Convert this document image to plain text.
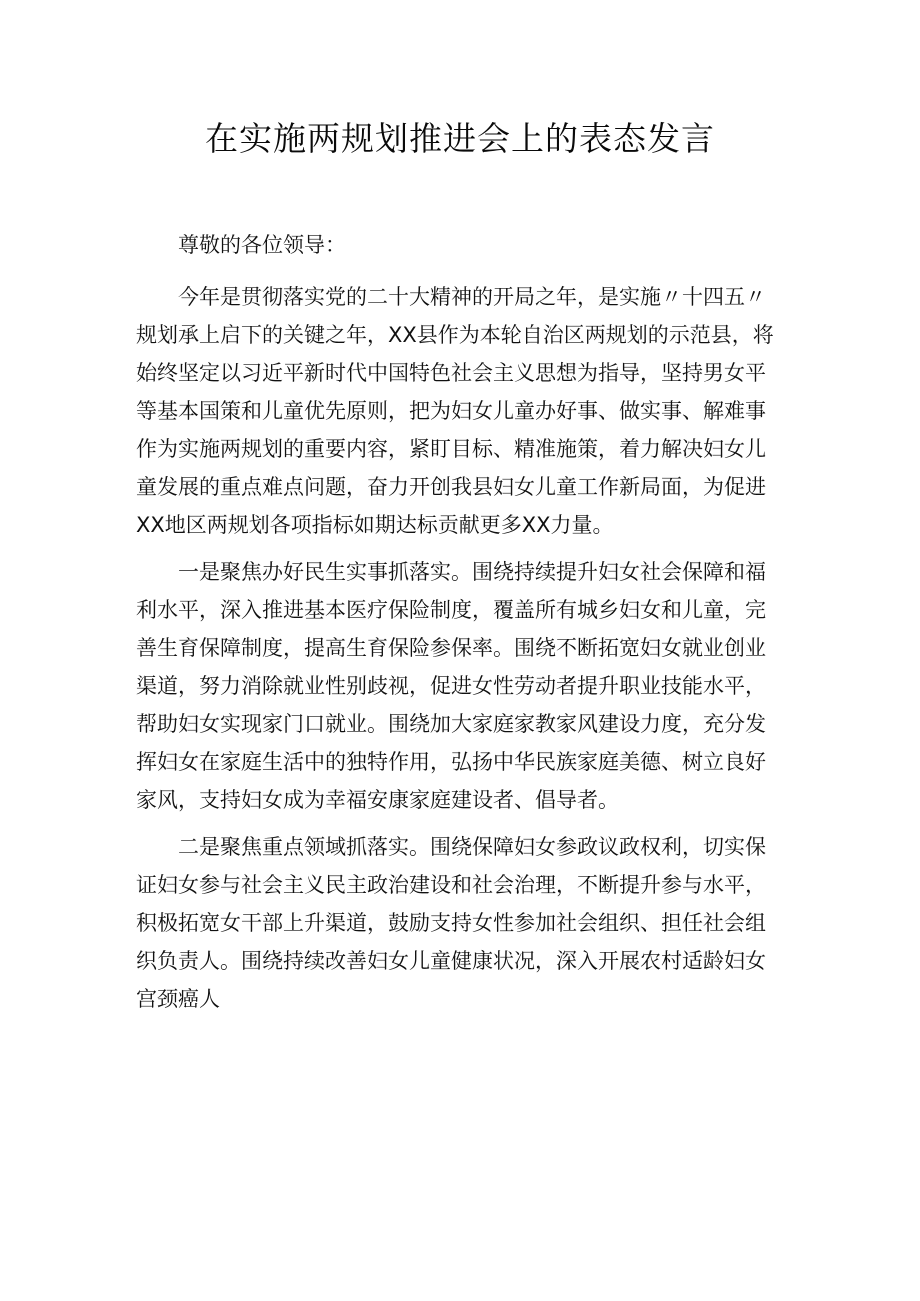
在实施两规划推进会上的表态发言

尊敬的各位领导：

今年是贯彻落实党的二十大精神的开局之年，是实施〃十四五〃规划承上启下的关键之年，XX县作为本轮自治区两规划的示范县，将始终坚定以习近平新时代中国特色社会主义思想为指导，坚持男女平等基本国策和儿童优先原则，把为妇女儿童办好事、做实事、解难事作为实施两规划的重要内容，紧盯目标、精准施策，着力解决妇女儿童发展的重点难点问题，奋力开创我县妇女儿童工作新局面，为促进XX地区两规划各项指标如期达标贡献更多XX力量。

一是聚焦办好民生实事抓落实。围绕持续提升妇女社会保障和福利水平，深入推进基本医疗保险制度，覆盖所有城乡妇女和儿童，完善生育保障制度，提高生育保险参保率。围绕不断拓宽妇女就业创业渠道，努力消除就业性别歧视，促进女性劳动者提升职业技能水平，帮助妇女实现家门口就业。围绕加大家庭家教家风建设力度，充分发挥妇女在家庭生活中的独特作用，弘扬中华民族家庭美德、树立良好家风，支持妇女成为幸福安康家庭建设者、倡导者。

二是聚焦重点领域抓落实。围绕保障妇女参政议政权利，切实保证妇女参与社会主义民主政治建设和社会治理，不断提升参与水平，积极拓宽女干部上升渠道，鼓励支持女性参加社会组织、担任社会组织负责人。围绕持续改善妇女儿童健康状况，深入开展农村适龄妇女宫颈癌人
